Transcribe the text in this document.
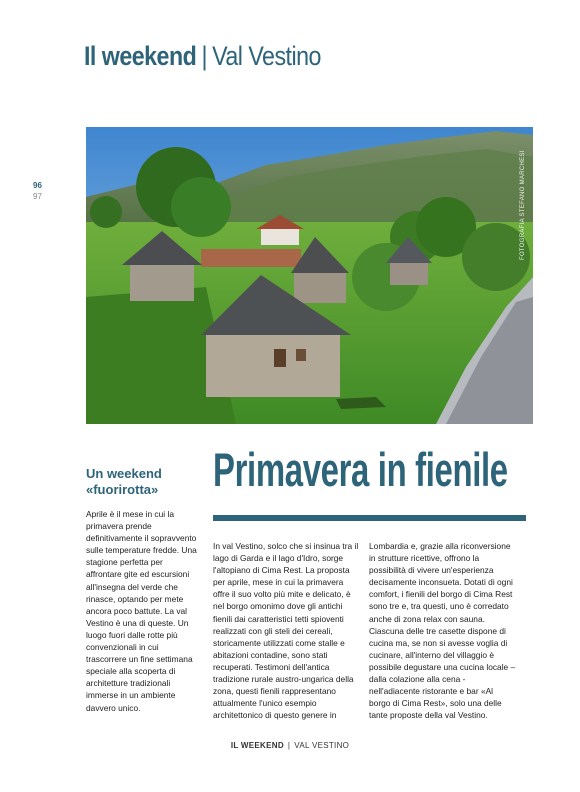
Il weekend | Val Vestino
96
97	FOTOGRAFIA STEFANO MARCHESI
Un weekend
«fuorirotta»
Aprile è il mese in cui la primavera prende definitivamente il sopravvento sulle temperature fredde. Una stagione perfetta per affrontare gite ed escursioni all'insegna del verde che rinasce, optando per mete ancora poco battute. La val Vestino è una di queste. Un luogo fuori dalle rotte più convenzionali in cui trascorrere un fine settimana speciale alla scoperta di architetture tradizionali immerse in un ambiente davvero unico.
Primavera in fienile
In val Vestino, solco che si insinua tra il lago di Garda e il lago d'Idro, sorge l'altopiano di Cima Rest. La proposta per aprile, mese in cui la primavera offre il suo volto più mite e delicato, è nel borgo omonimo dove gli antichi fienili dai caratteristici tetti spioventi realizzati con gli steli dei cereali, storicamente utilizzati come stalle e abitazioni contadine, sono stati recuperati. Testimoni dell'antica tradizione rurale austro-ungarica della zona, questi fienili rappresentano attualmente l'unico esempio architettonico di questo genere in
Lombardia e, grazie alla riconversione in strutture ricettive, offrono la possibilità di vivere un'esperienza decisamente inconsueta. Dotati di ogni comfort, i fienili del borgo di Cima Rest sono tre e, tra questi, uno è corredato anche di zona relax con sauna. Ciascuna delle tre casette dispone di cucina ma, se non si avesse voglia di cucinare, all'interno del villaggio è possibile degustare una cucina locale – dalla colazione alla cena - nell'adiacente ristorante e bar «Al borgo di Cima Rest», solo una delle tante proposte della val Vestino.
IL WEEKEND | VAL VESTINO
